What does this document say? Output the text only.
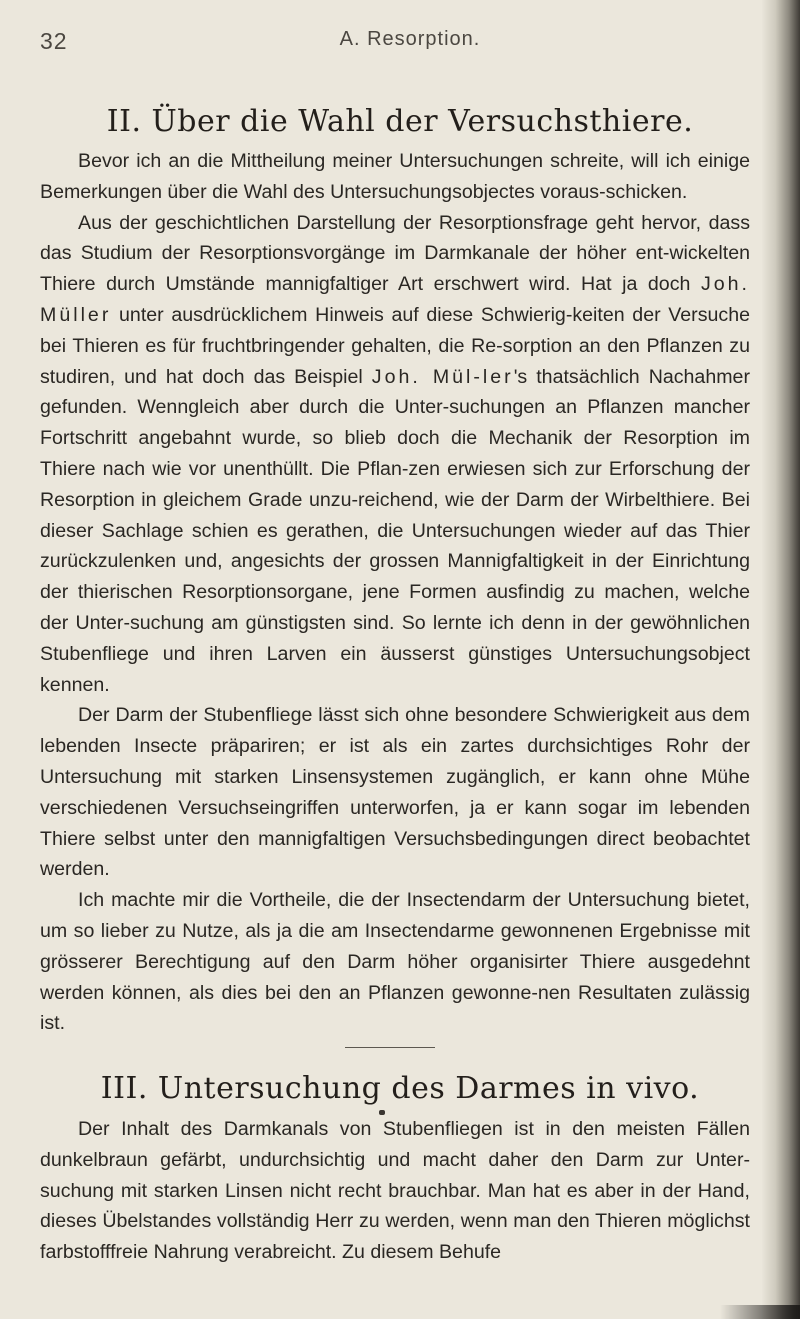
32	A. Resorption.
II. Über die Wahl der Versuchsthiere.

Bevor ich an die Mittheilung meiner Untersuchungen schreite, will ich einige Bemerkungen über die Wahl des Untersuchungsobjectes voraus-schicken.

Aus der geschichtlichen Darstellung der Resorptionsfrage geht hervor, dass das Studium der Resorptionsvorgänge im Darmkanale der höher ent-wickelten Thiere durch Umstände mannigfaltiger Art erschwert wird. Hat ja doch Joh. Müller unter ausdrücklichem Hinweis auf diese Schwierig-keiten der Versuche bei Thieren es für fruchtbringender gehalten, die Re-sorption an den Pflanzen zu studiren, und hat doch das Beispiel Joh. Mül-ler's thatsächlich Nachahmer gefunden. Wenngleich aber durch die Unter-suchungen an Pflanzen mancher Fortschritt angebahnt wurde, so blieb doch die Mechanik der Resorption im Thiere nach wie vor unenthüllt. Die Pflan-zen erwiesen sich zur Erforschung der Resorption in gleichem Grade unzu-reichend, wie der Darm der Wirbelthiere. Bei dieser Sachlage schien es gerathen, die Untersuchungen wieder auf das Thier zurückzulenken und, angesichts der grossen Mannigfaltigkeit in der Einrichtung der thierischen Resorptionsorgane, jene Formen ausfindig zu machen, welche der Unter-suchung am günstigsten sind. So lernte ich denn in der gewöhnlichen Stubenfliege und ihren Larven ein äusserst günstiges Untersuchungsobject kennen.

Der Darm der Stubenfliege lässt sich ohne besondere Schwierigkeit aus dem lebenden Insecte präpariren; er ist als ein zartes durchsichtiges Rohr der Untersuchung mit starken Linsensystemen zugänglich, er kann ohne Mühe verschiedenen Versuchseingriffen unterworfen, ja er kann sogar im lebenden Thiere selbst unter den mannigfaltigen Versuchsbedingungen direct beobachtet werden.

Ich machte mir die Vortheile, die der Insectendarm der Untersuchung bietet, um so lieber zu Nutze, als ja die am Insectendarme gewonnenen Ergebnisse mit grösserer Berechtigung auf den Darm höher organisirter Thiere ausgedehnt werden können, als dies bei den an Pflanzen gewonne-nen Resultaten zulässig ist.

III. Untersuchung des Darmes in vivo.

Der Inhalt des Darmkanals von Stubenfliegen ist in den meisten Fällen dunkelbraun gefärbt, undurchsichtig und macht daher den Darm zur Unter-suchung mit starken Linsen nicht recht brauchbar. Man hat es aber in der Hand, dieses Übelstandes vollständig Herr zu werden, wenn man den Thieren möglichst farbstofffreie Nahrung verabreicht. Zu diesem Behufe
